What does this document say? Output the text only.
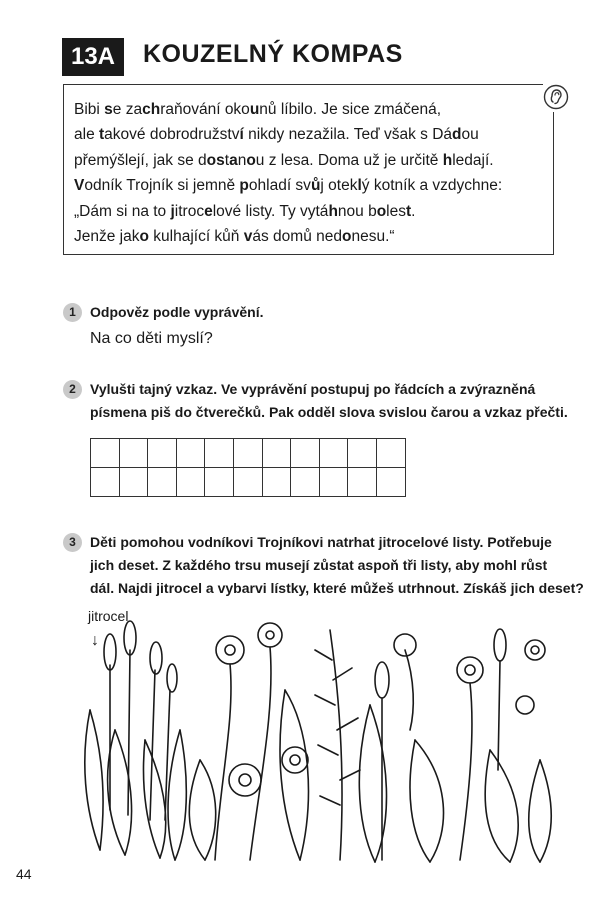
13A	KOUZELNÝ KOMPAS

Bibi se zachraňování okounů líbilo. Je sice zmáčená,

ale takové dobrodružství nikdy nezažila. Teď však s Dádou

přemýšlejí, jak se dostanou z lesa. Doma už je určitě hledají.

Vodník Trojník si jemně pohladí svůj oteklý kotník a vzdychne:

„Dám si na to jitrocelové listy. Ty vytáhnou bolest.

Jenže jako kulhající kůň vás domů nedonesu.“

1	Odpověz podle vyprávění.
Na co děti myslí?
2	Vylušti tajný vzkaz. Ve vyprávění postupuj po řádcích a zvýrazněná
písmena piš do čtverečků. Pak odděl slova svislou čarou a vzkaz přečti.

3	Děti pomohou vodníkovi Trojníkovi natrhat jitrocelové listy. Potřebuje
jich deset. Z každého trsu musejí zůstat aspoň tři listy, aby mohl růst
dál. Najdi jitrocel a vybarvi lístky, které můžeš utrhnout. Získáš jich deset?
jitrocel
↓
44
